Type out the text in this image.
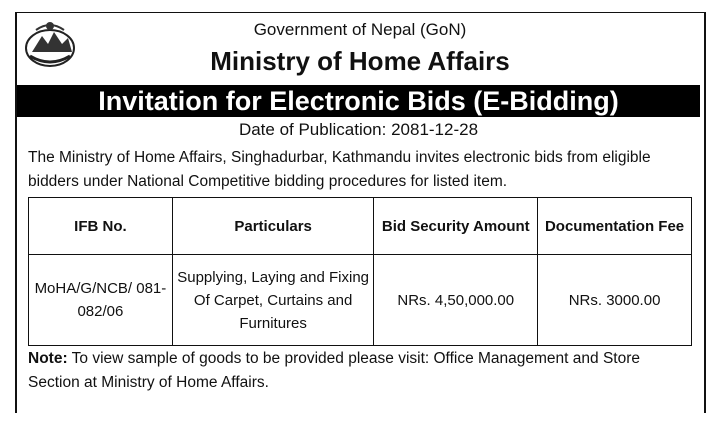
Government of Nepal (GoN)
Ministry of Home Affairs
Invitation for Electronic Bids (E-Bidding)
Date of Publication: 2081-12-28
The Ministry of Home Affairs, Singhadurbar, Kathmandu invites electronic bids from eligible bidders under National Competitive bidding procedures for listed item.
IFB No.	Particulars	Bid Security Amount	Documentation Fee
MoHA/G/NCB/ 081-082/06	Supplying, Laying and Fixing Of Carpet, Curtains and Furnitures	NRs. 4,50,000.00	NRs. 3000.00
Note: To view sample of goods to be provided please visit: Office Management and Store Section at Ministry of Home Affairs.
